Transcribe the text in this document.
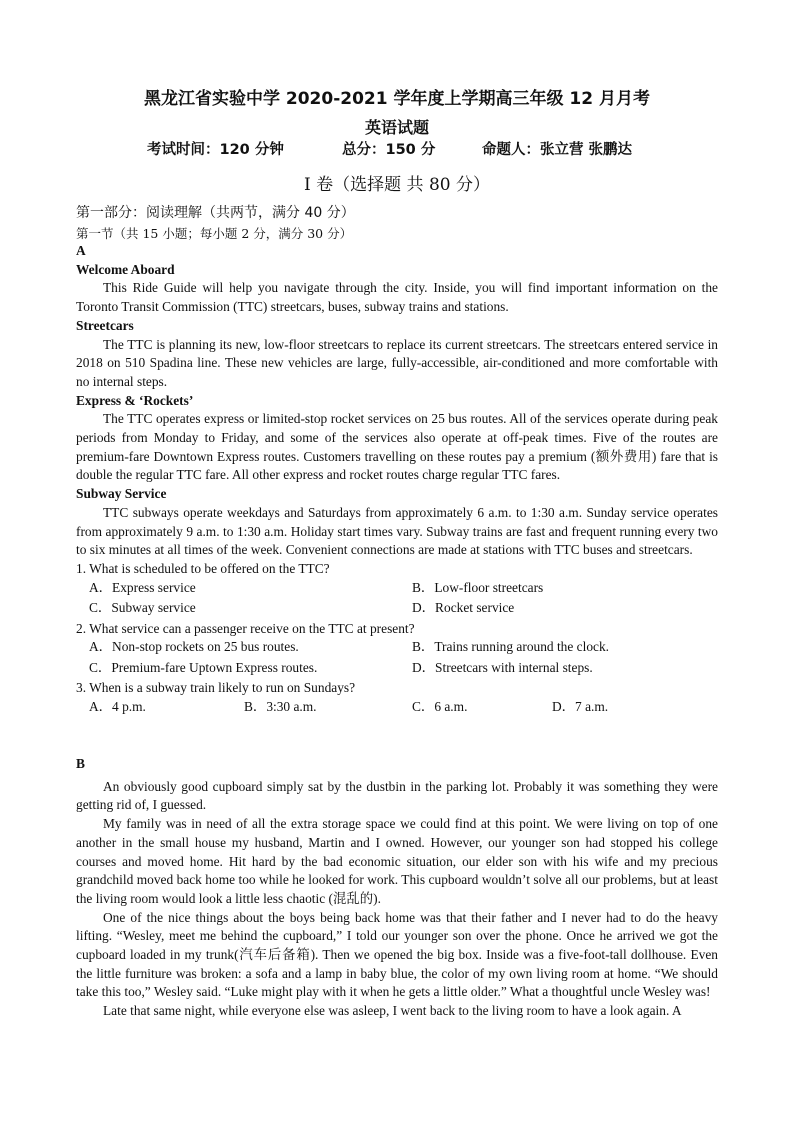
黑龙江省实验中学 2020-2021 学年度上学期高三年级 12 月月考
英语试题
考试时间：120 分钟	总分：150 分	命题人：张立营 张鹏达
I 卷（选择题 共 80 分）
第一部分：阅读理解（共两节，满分 40 分）
第一节（共 15 小题；每小题 2 分，满分 30 分）

A

Welcome Aboard

This Ride Guide will help you navigate through the city. Inside, you will find important information on the Toronto Transit Commission (TTC) streetcars, buses, subway trains and stations.

Streetcars

The TTC is planning its new, low-floor streetcars to replace its current streetcars. The streetcars entered service in 2018 on 510 Spadina line. These new vehicles are large, fully-accessible, air-conditioned and more comfortable with no internal steps.

Express & ‘Rockets’

The TTC operates express or limited-stop rocket services on 25 bus routes. All of the services operate during peak periods from Monday to Friday, and some of the services also operate at off-peak times. Five of the routes are premium-fare Downtown Express routes. Customers travelling on these routes pay a premium (额外费用) fare that is double the regular TTC fare. All other express and rocket routes charge regular TTC fares.

Subway Service

TTC subways operate weekdays and Saturdays from approximately 6 a.m. to 1:30 a.m. Sunday service operates from approximately 9 a.m. to 1:30 a.m. Holiday start times vary. Subway trains are fast and frequent running every two to six minutes at all times of the week. Convenient connections are made at stations with TTC buses and streetcars.

1. What is scheduled to be offered on the TTC?

A．Express service	B．Low-floor streetcars
C．Subway service	D．Rocket service

2. What service can a passenger receive on the TTC at present?

A．Non-stop rockets on 25 bus routes.	B．Trains running around the clock.
C．Premium-fare Uptown Express routes.	D．Streetcars with internal steps.

3. When is a subway train likely to run on Sundays?

A．4 p.m.	B．3:30 a.m.	C．6 a.m.	D．7 a.m.

B

An obviously good cupboard simply sat by the dustbin in the parking lot. Probably it was something they were getting rid of, I guessed.

My family was in need of all the extra storage space we could find at this point. We were living on top of one another in the small house my husband, Martin and I owned. However, our younger son had stopped his college courses and moved home. Hit hard by the bad economic situation, our elder son with his wife and my precious grandchild moved back home too while he looked for work. This cupboard wouldn’t solve all our problems, but at least the living room would look a little less chaotic (混乱的).

One of the nice things about the boys being back home was that their father and I never had to do the heavy lifting. “Wesley, meet me behind the cupboard,” I told our younger son over the phone. Once he arrived we got the cupboard loaded in my trunk(汽车后备箱). Then we opened the big box. Inside was a five-foot-tall dollhouse. Even the little furniture was broken: a sofa and a lamp in baby blue, the color of my own living room at home. “We should take this too,” Wesley said. “Luke might play with it when he gets a little older.” What a thoughtful uncle Wesley was!

Late that same night, while everyone else was asleep, I went back to the living room to have a look again. A
